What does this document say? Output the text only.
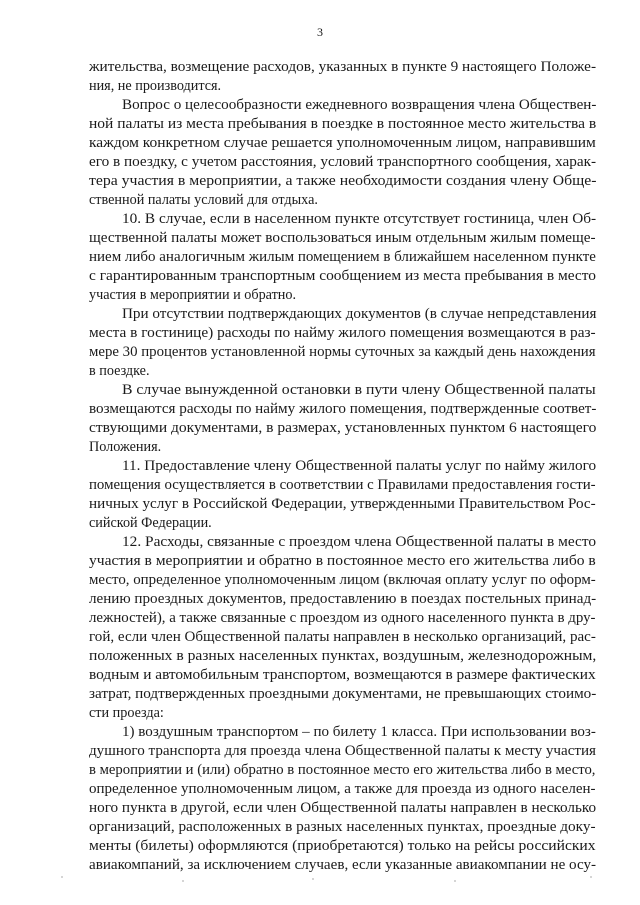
3
жительства, возмещение расходов, указанных в пункте 9 настоящего Положе-
ния, не производится.
Вопрос о целесообразности ежедневного возвращения члена Обществен-
ной палаты из места пребывания в поездке в постоянное место жительства в
каждом конкретном случае решается уполномоченным лицом, направившим
его в поездку, с учетом расстояния, условий транспортного сообщения, харак-
тера участия в мероприятии, а также необходимости создания члену Обще-
ственной палаты условий для отдыха.
10. В случае, если в населенном пункте отсутствует гостиница, член Об-
щественной палаты может воспользоваться иным отдельным жилым помеще-
нием либо аналогичным жилым помещением в ближайшем населенном пункте
с гарантированным транспортным сообщением из места пребывания в место
участия в мероприятии и обратно.
При отсутствии подтверждающих документов (в случае непредставления
места в гостинице) расходы по найму жилого помещения возмещаются в раз-
мере 30 процентов установленной нормы суточных за каждый день нахождения
в поездке.
В случае вынужденной остановки в пути члену Общественной палаты
возмещаются расходы по найму жилого помещения, подтвержденные соответ-
ствующими документами, в размерах, установленных пунктом 6 настоящего
Положения.
11. Предоставление члену Общественной палаты услуг по найму жилого
помещения осуществляется в соответствии с Правилами предоставления гости-
ничных услуг в Российской Федерации, утвержденными Правительством Рос-
сийской Федерации.
12. Расходы, связанные с проездом члена Общественной палаты в место
участия в мероприятии и обратно в постоянное место его жительства либо в
место, определенное уполномоченным лицом (включая оплату услуг по оформ-
лению проездных документов, предоставлению в поездах постельных принад-
лежностей), а также связанные с проездом из одного населенного пункта в дру-
гой, если член Общественной палаты направлен в несколько организаций, рас-
положенных в разных населенных пунктах, воздушным, железнодорожным,
водным и автомобильным транспортом, возмещаются в размере фактических
затрат, подтвержденных проездными документами, не превышающих стоимо-
сти проезда:
1) воздушным транспортом – по билету 1 класса. При использовании воз-
душного транспорта для проезда члена Общественной палаты к месту участия
в мероприятии и (или) обратно в постоянное место его жительства либо в место,
определенное уполномоченным лицом, а также для проезда из одного населен-
ного пункта в другой, если член Общественной палаты направлен в несколько
организаций, расположенных в разных населенных пунктах, проездные доку-
менты (билеты) оформляются (приобретаются) только на рейсы российских
авиакомпаний, за исключением случаев, если указанные авиакомпании не осу-
